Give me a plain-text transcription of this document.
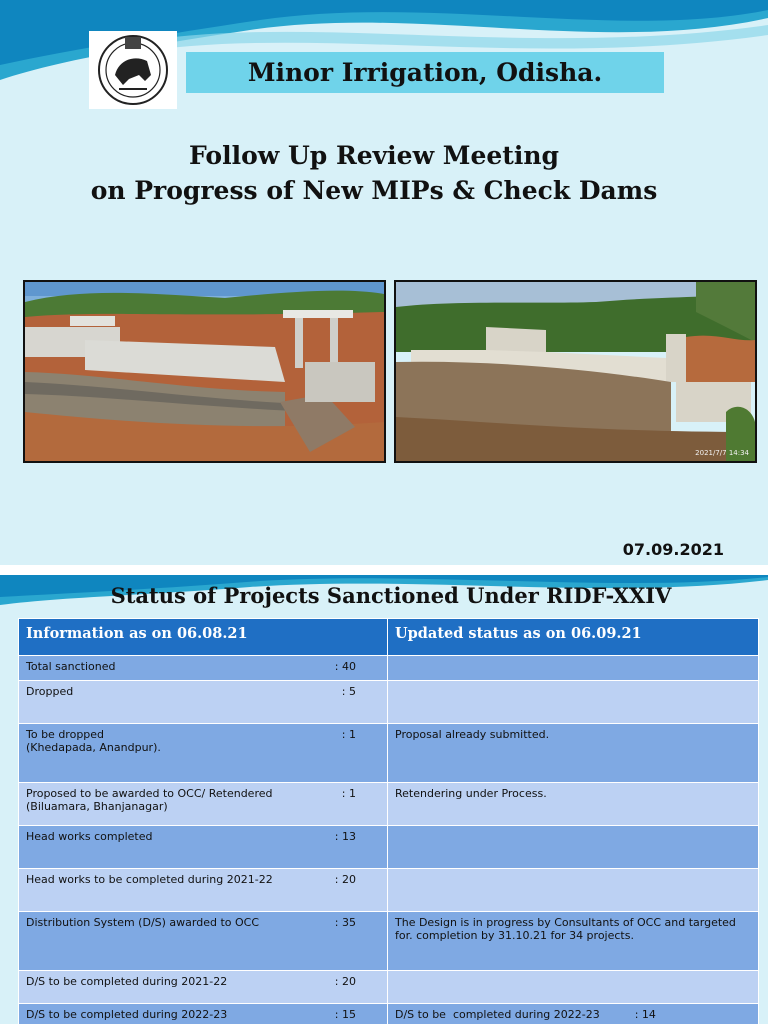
Minor Irrigation, Odisha.
Follow Up Review Meeting
on Progress of New MIPs & Check Dams
2021/7/7 14:34
07.09.2021
Status of Projects Sanctioned Under RIDF-XXIV
Information as on 06.08.21	Updated status as on 06.09.21

Total sanctioned : 40	

Dropped : 5	

To be dropped : 1
(Khedapada, Anandpur).	Proposal already submitted.

Proposed to be awarded to OCC/ Retendered : 1
(Biluamara, Bhanjanagar)	Retendering under Process.

Head works completed : 13	

Head works to be completed during 2021-22 : 20	

Distribution System (D/S) awarded to OCC : 35	The Design is in progress by Consultants of OCC and targeted for. completion by 31.10.21 for 34 projects.

D/S to be completed during 2021-22 : 20	

D/S to be completed during 2022-23 : 15	D/S to be  completed during 2022-23          : 14
